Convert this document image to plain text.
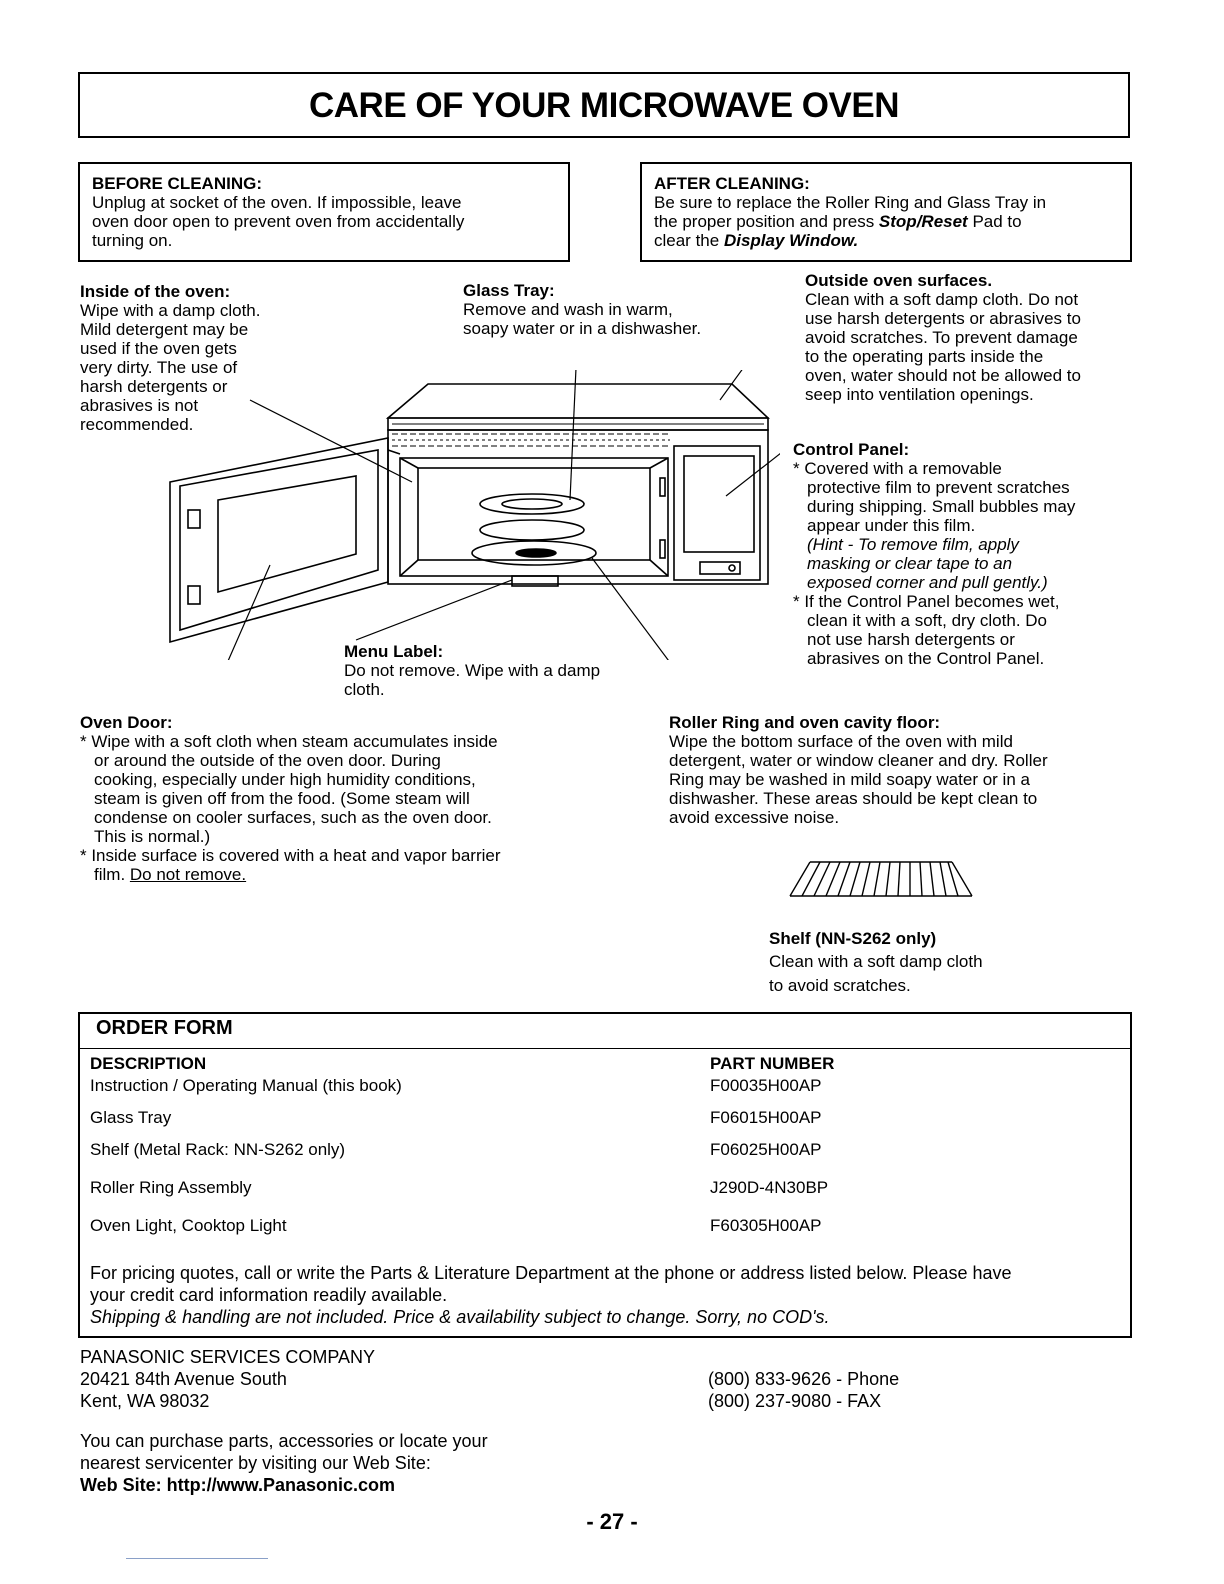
CARE OF YOUR MICROWAVE OVEN

BEFORE CLEANING:

Unplug at socket of the oven. If impossible, leave

oven door open to prevent oven from accidentally

turning on.

AFTER CLEANING:

Be sure to replace the Roller Ring and Glass Tray in

the proper position and press Stop/Reset Pad to

clear the Display Window.

Inside of the oven:

Wipe with a damp cloth.

Mild detergent may be

used if the oven gets

very dirty. The use of

harsh detergents or

abrasives is not

recommended.

Glass Tray:

Remove and wash in warm,

soapy water or in a dishwasher.

Outside oven surfaces.

Clean with a soft damp cloth. Do not

use harsh detergents or abrasives to

avoid scratches. To prevent damage

to the operating parts inside the

oven, water should not be allowed to

seep into ventilation openings.

Control Panel:

* Covered with a removable

protective film to prevent scratches

during shipping. Small bubbles may

appear under this film.

(Hint - To remove film, apply

masking or clear tape to an

exposed corner and pull gently.)

* If the Control Panel becomes wet,

clean it with a soft, dry cloth. Do

not use harsh detergents or

abrasives on the Control Panel.

Menu Label:

Do not remove. Wipe with a damp

cloth.

Oven Door:

* Wipe with a soft cloth when steam accumulates inside

or around the outside of the oven door. During

cooking, especially under high humidity conditions,

steam is given off from the food. (Some steam will

condense on cooler surfaces, such as the oven door.

This is normal.)

* Inside surface is covered with a heat and vapor barrier

film. Do not remove.

Roller Ring and oven cavity floor:

Wipe the bottom surface of the oven with mild

detergent, water or window cleaner and dry. Roller

Ring may be washed in mild soapy water or in a

dishwasher. These areas should be kept clean to

avoid excessive noise.

Shelf (NN-S262 only)

Clean with a soft damp cloth

to avoid scratches.

ORDER FORM
DESCRIPTION	PART NUMBER
Instruction / Operating Manual (this book)	F00035H00AP
Glass Tray	F06015H00AP
Shelf (Metal Rack: NN-S262 only)	F06025H00AP
Roller Ring Assembly	J290D-4N30BP
Oven Light, Cooktop Light	F60305H00AP

For pricing quotes, call or write the Parts & Literature Department at the phone or address listed below. Please have

your credit card information readily available.

Shipping & handling are not included. Price & availability subject to change. Sorry, no COD's.

PANASONIC SERVICES COMPANY

20421 84th Avenue South

Kent, WA 98032

(800) 833-9626 - Phone

(800) 237-9080 - FAX

You can purchase parts, accessories or locate your

nearest servicenter by visiting our Web Site:

Web Site: http://www.Panasonic.com

- 27 -
